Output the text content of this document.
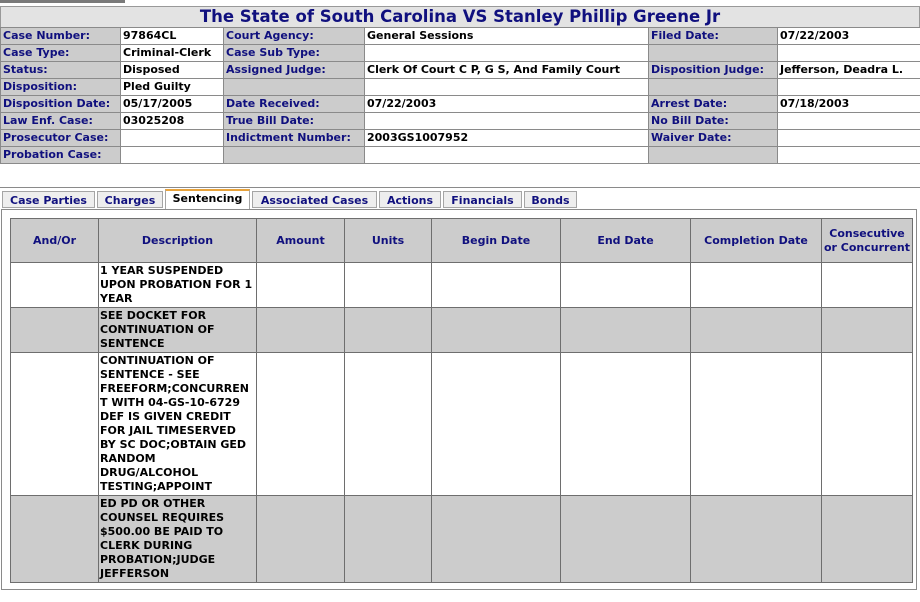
The State of South Carolina VS Stanley Phillip Greene Jr
Case Number:	97864CL	Court Agency:	General Sessions	Filed Date:	07/22/2003
Case Type:	Criminal-Clerk	Case Sub Type:			
Status:	Disposed	Assigned Judge:	Clerk Of Court C P, G S, And Family Court	Disposition Judge:	Jefferson, Deadra L.
Disposition:	Pled Guilty				
Disposition Date:	05/17/2005	Date Received:	07/22/2003	Arrest Date:	07/18/2003
Law Enf. Case:	03025208	True Bill Date:		No Bill Date:	
Prosecutor Case:		Indictment Number:	2003GS1007952	Waiver Date:	
Probation Case:					
Case Parties	Charges	Sentencing	Associated Cases	Actions	Financials	Bonds
And/Or	Description	Amount	Units	Begin Date	End Date	Completion Date	Consecutive or Concurrent
	1 YEAR SUSPENDED UPON PROBATION FOR 1 YEAR						
	SEE DOCKET FOR CONTINUATION OF SENTENCE						
	CONTINUATION OF SENTENCE - SEE FREEFORM;CONCURRENT WITH 04-GS-10-6729 DEF IS GIVEN CREDIT FOR JAIL TIMESERVED BY SC DOC;OBTAIN GED RANDOM DRUG/ALCOHOL TESTING;APPOINT						
	ED PD OR OTHER COUNSEL REQUIRES $500.00 BE PAID TO CLERK DURING PROBATION;JUDGE JEFFERSON						
